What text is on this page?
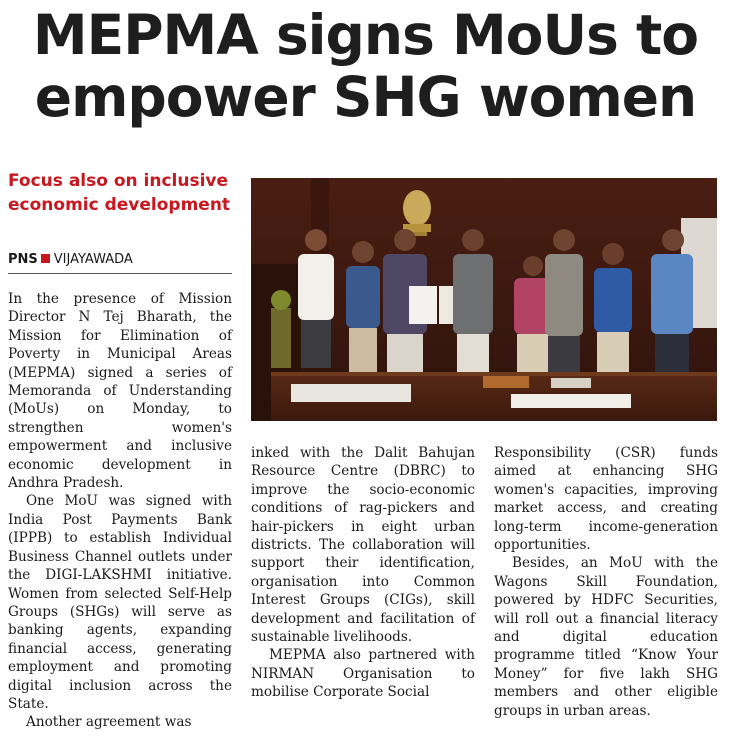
MEPMA signs MoUs to
empower SHG women
Focus also on inclusive
economic development
PNS VIJAYAWADA

In the presence of Mission Director N Tej Bharath, the Mission for Elimination of Poverty in Municipal Areas (MEPMA) signed a series of Memoranda of Understanding (MoUs) on Monday, to strengthen women's empowerment and inclusive economic development in Andhra Pradesh.

One MoU was signed with India Post Payments Bank (IPPB) to establish Individual Business Channel outlets under the DIGI-LAKSHMI initiative. Women from selected Self-Help Groups (SHGs) will serve as banking agents, expanding financial access, generating employment and promoting digital inclusion across the State.

Another agreement was

inked with the Dalit Bahujan Resource Centre (DBRC) to improve the socio-economic conditions of rag-pickers and hair-pickers in eight urban districts. The collaboration will support their identification, organisation into Common Interest Groups (CIGs), skill development and facilitation of sustainable livelihoods.

MEPMA also partnered with NIRMAN Organisation to mobilise Corporate Social

Responsibility (CSR) funds aimed at enhancing SHG women's capacities, improving market access, and creating long-term income-generation opportunities.

Besides, an MoU with the Wagons Skill Foundation, powered by HDFC Securities, will roll out a financial literacy and digital education programme titled “Know Your Money” for five lakh SHG members and other eligible groups in urban areas.
